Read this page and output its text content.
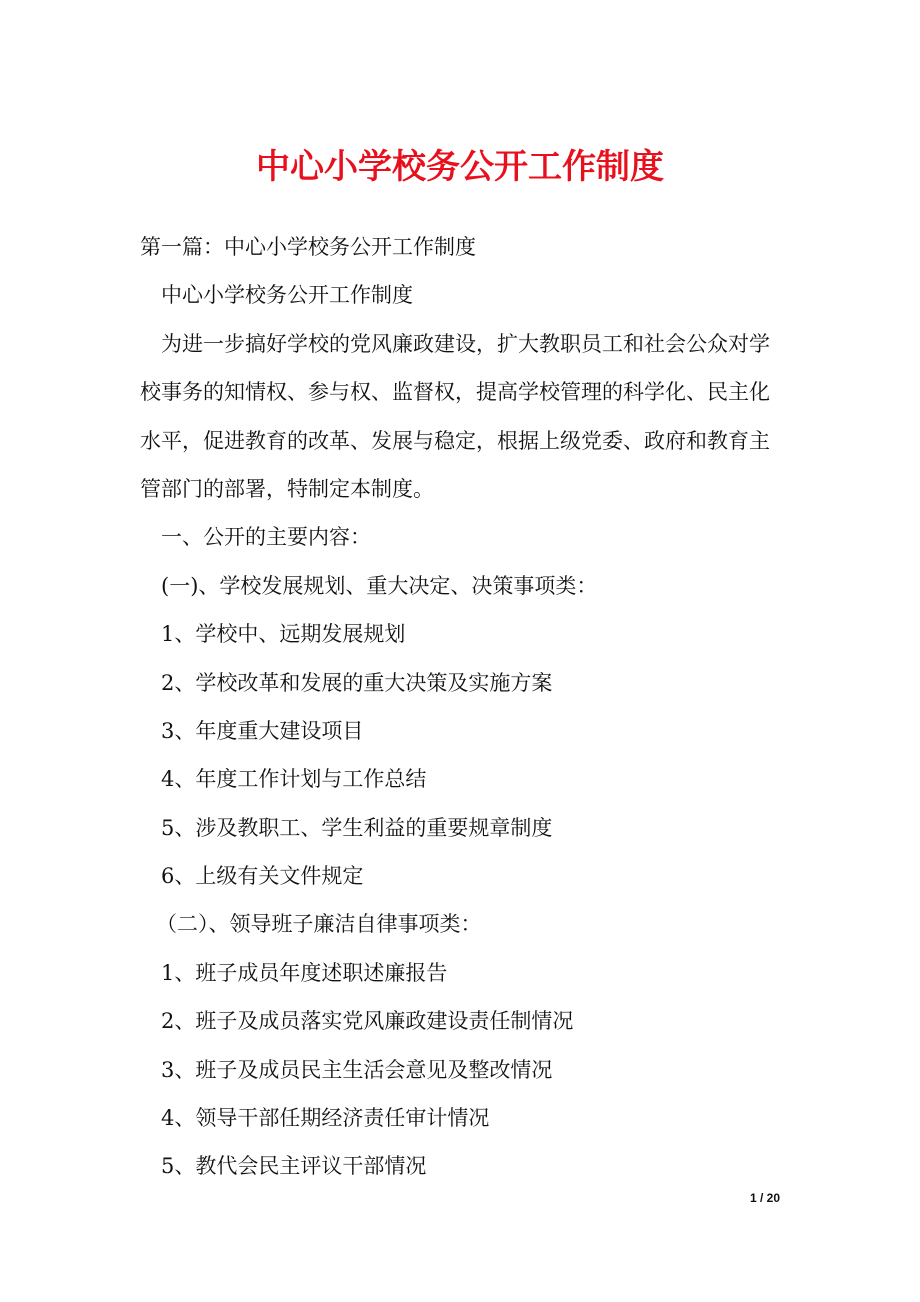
中心小学校务公开工作制度

第一篇：中心小学校务公开工作制度

中心小学校务公开工作制度

为进一步搞好学校的党风廉政建设，扩大教职员工和社会公众对学

校事务的知情权、参与权、监督权，提高学校管理的科学化、民主化

水平，促进教育的改革、发展与稳定，根据上级党委、政府和教育主

管部门的部署，特制定本制度。

一、公开的主要内容：

(一)、学校发展规划、重大决定、决策事项类：

1、学校中、远期发展规划

2、学校改革和发展的重大决策及实施方案

3、年度重大建设项目

4、年度工作计划与工作总结

5、涉及教职工、学生利益的重要规章制度

6、上级有关文件规定

（二）、领导班子廉洁自律事项类：

1、班子成员年度述职述廉报告

2、班子及成员落实党风廉政建设责任制情况

3、班子及成员民主生活会意见及整改情况

4、领导干部任期经济责任审计情况

5、教代会民主评议干部情况

1 / 20
